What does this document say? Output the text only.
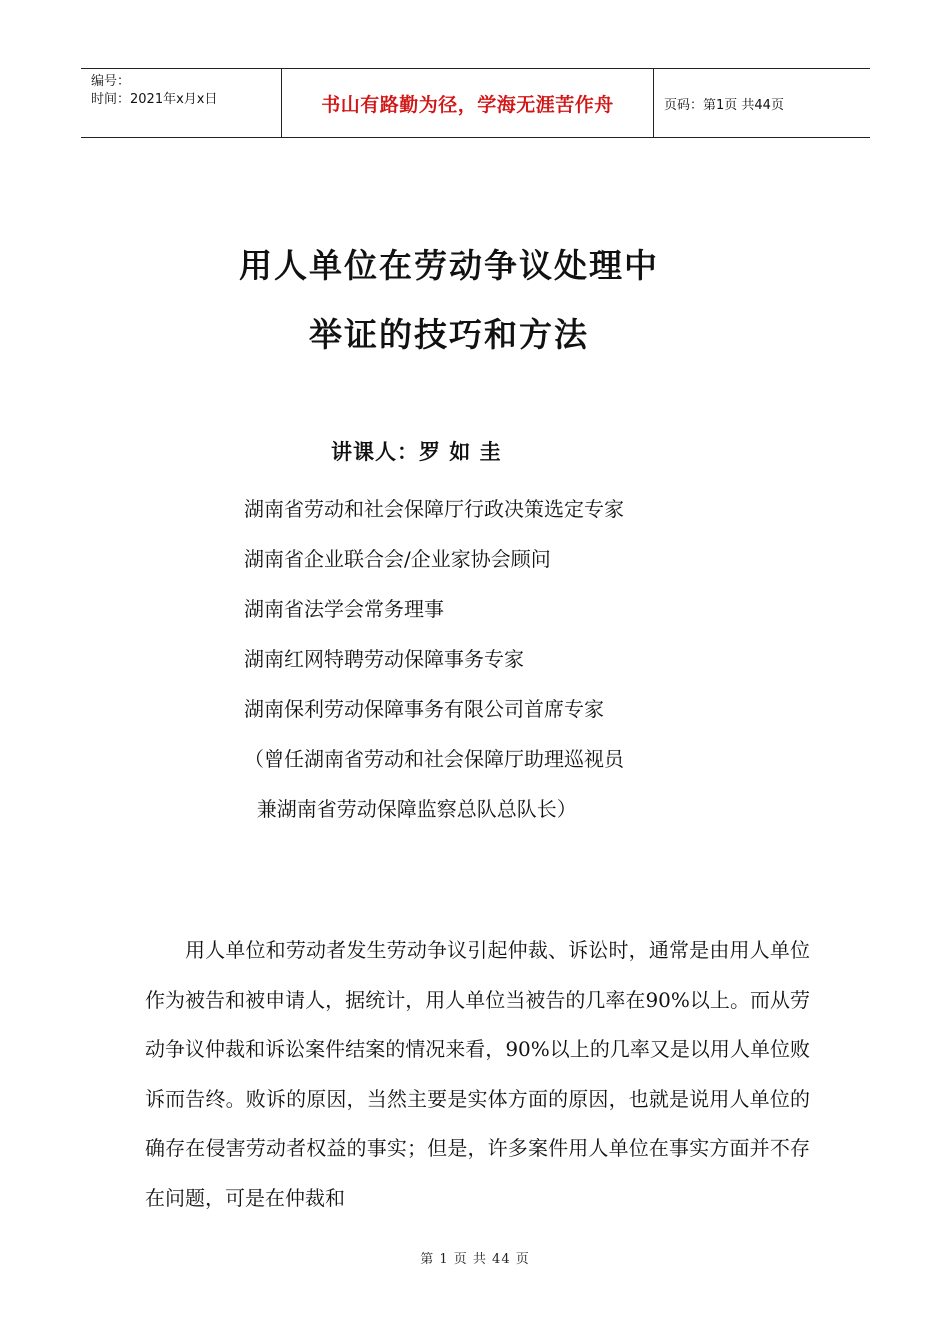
编号：
时间：2021年x月x日	书山有路勤为径，学海无涯苦作舟	页码：第1页 共44页
用人单位在劳动争议处理中
举证的技巧和方法
讲课人：罗 如 圭
湖南省劳动和社会保障厅行政决策选定专家
湖南省企业联合会/企业家协会顾问
湖南省法学会常务理事
湖南红网特聘劳动保障事务专家
湖南保利劳动保障事务有限公司首席专家
（曾任湖南省劳动和社会保障厅助理巡视员
兼湖南省劳动保障监察总队总队长）

用人单位和劳动者发生劳动争议引起仲裁、诉讼时，通常是由用人单位作为被告和被申请人，据统计，用人单位当被告的几率在90%以上。而从劳动争议仲裁和诉讼案件结案的情况来看，90%以上的几率又是以用人单位败诉而告终。败诉的原因，当然主要是实体方面的原因，也就是说用人单位的确存在侵害劳动者权益的事实；但是，许多案件用人单位在事实方面并不存在问题，可是在仲裁和

第 1 页 共 44 页
